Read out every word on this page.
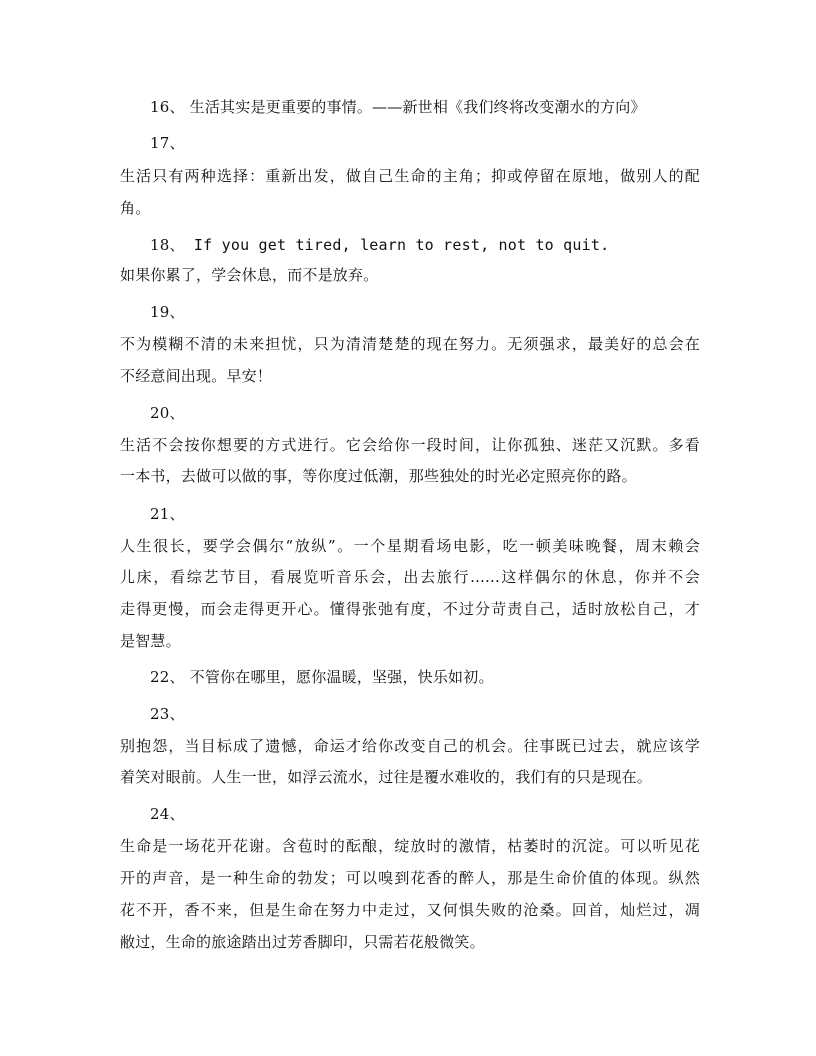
16、 生活其实是更重要的事情。——新世相《我们终将改变潮水的方向》
17、
生活只有两种选择：重新出发，做自己生命的主角；抑或停留在原地，做别人的配
角。
18、 If you get tired, learn to rest, not to quit.
如果你累了，学会休息，而不是放弃。
19、
不为模糊不清的未来担忧，只为清清楚楚的现在努力。无须强求，最美好的总会在
不经意间出现。早安！
20、
生活不会按你想要的方式进行。它会给你一段时间，让你孤独、迷茫又沉默。多看
一本书，去做可以做的事，等你度过低潮，那些独处的时光必定照亮你的路。
21、
人生很长，要学会偶尔“放纵”。一个星期看场电影，吃一顿美味晚餐，周末赖会
儿床，看综艺节目，看展览听音乐会，出去旅行......这样偶尔的休息，你并不会
走得更慢，而会走得更开心。懂得张弛有度，不过分苛责自己，适时放松自己，才
是智慧。
22、 不管你在哪里，愿你温暖，坚强，快乐如初。
23、
别抱怨，当目标成了遗憾，命运才给你改变自己的机会。往事既已过去，就应该学
着笑对眼前。人生一世，如浮云流水，过往是覆水难收的，我们有的只是现在。
24、
生命是一场花开花谢。含苞时的酝酿，绽放时的激情，枯萎时的沉淀。可以听见花
开的声音，是一种生命的勃发；可以嗅到花香的醉人，那是生命价值的体现。纵然
花不开，香不来，但是生命在努力中走过，又何惧失败的沧桑。回首，灿烂过，凋
敝过，生命的旅途踏出过芳香脚印，只需若花般微笑。
